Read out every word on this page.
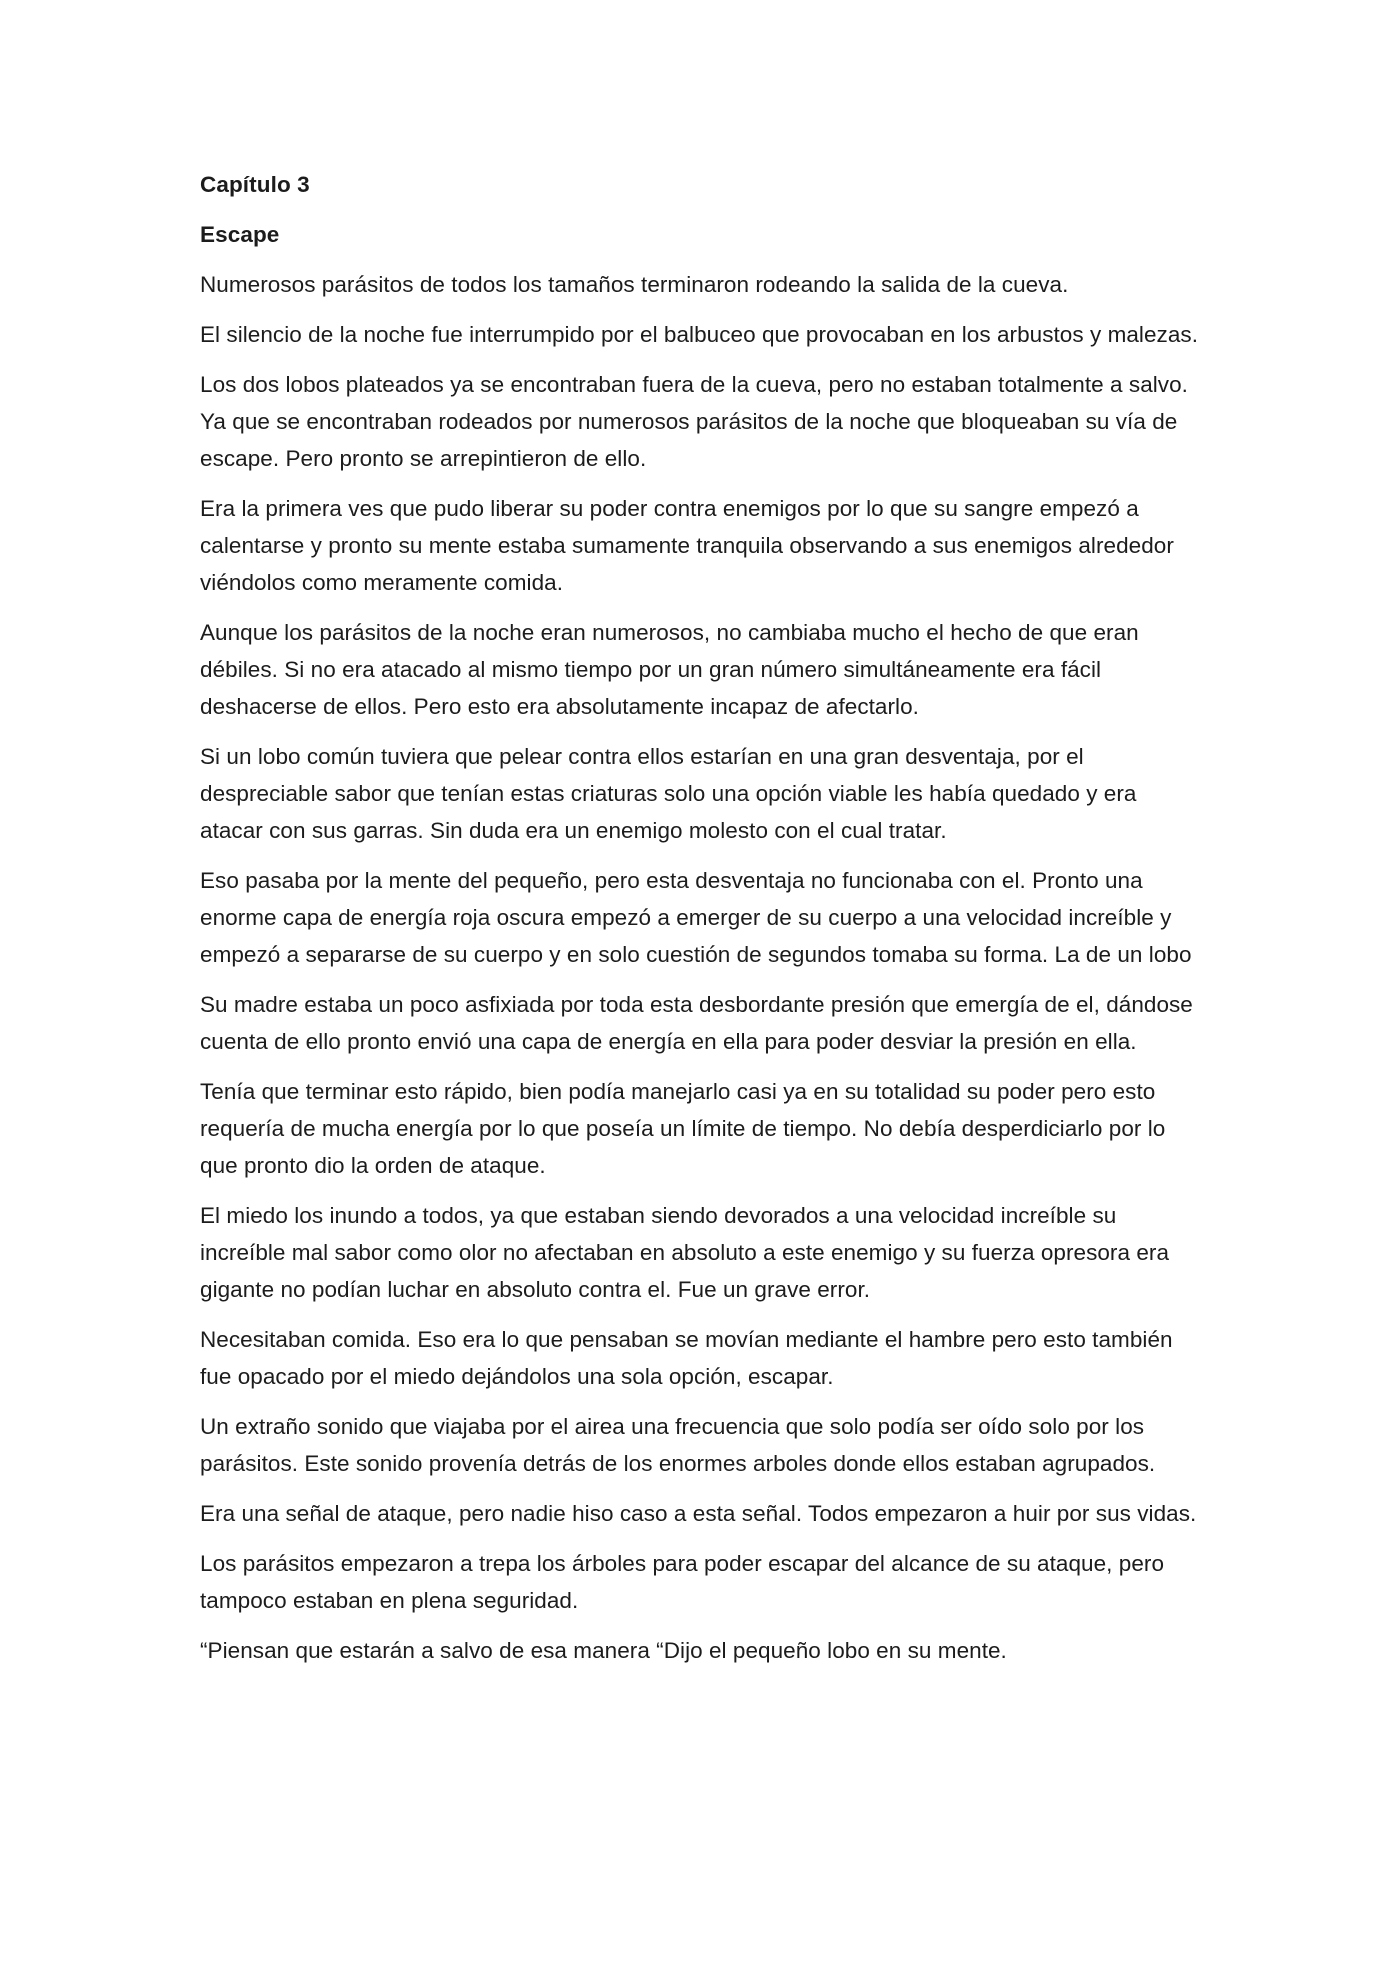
Capítulo 3
Escape

Numerosos parásitos de todos los tamaños terminaron rodeando la salida de la cueva.

El silencio de la noche fue interrumpido por el balbuceo que provocaban en los arbustos y malezas.

Los dos lobos plateados ya se encontraban fuera de la cueva, pero no estaban totalmente a salvo. Ya que se encontraban rodeados por numerosos parásitos de la noche que bloqueaban su vía de escape. Pero pronto se arrepintieron de ello.

Era la primera ves que pudo liberar su poder contra enemigos por lo que su sangre empezó a calentarse y pronto su mente estaba sumamente tranquila observando a sus enemigos alrededor viéndolos como meramente comida.

Aunque los parásitos de la noche eran numerosos, no cambiaba mucho el hecho de que eran débiles. Si no era atacado al mismo tiempo por un gran número simultáneamente era fácil deshacerse de ellos. Pero esto era absolutamente incapaz de afectarlo.

Si un lobo común tuviera que pelear contra ellos estarían en una gran desventaja, por el despreciable sabor que tenían estas criaturas solo una opción viable les había quedado y era atacar con sus garras. Sin duda era un enemigo molesto con el cual tratar.

Eso pasaba por la mente del pequeño, pero esta desventaja no funcionaba con el. Pronto una enorme capa de energía roja oscura empezó a emerger de su cuerpo a una velocidad increíble y empezó a separarse de su cuerpo y en solo cuestión de segundos tomaba su forma. La de un lobo

Su madre estaba un poco asfixiada por toda esta desbordante presión que emergía de el, dándose cuenta de ello pronto envió una capa de energía en ella para poder desviar la presión en ella.

Tenía que terminar esto rápido, bien podía manejarlo casi ya en su totalidad su poder pero esto requería de mucha energía por lo que poseía un límite de tiempo. No debía desperdiciarlo por lo que pronto dio la orden de ataque.

El miedo los inundo a todos, ya que estaban siendo devorados a una velocidad increíble su increíble mal sabor como olor no afectaban en absoluto a este enemigo y su fuerza opresora era gigante no podían luchar en absoluto contra el. Fue un grave error.

Necesitaban comida. Eso era lo que pensaban se movían mediante el hambre pero esto también fue opacado por el miedo dejándolos una sola opción, escapar.

Un extraño sonido que viajaba por el airea una frecuencia que solo podía ser oído solo por los parásitos. Este sonido provenía detrás de los enormes arboles donde ellos estaban agrupados.

Era una señal de ataque, pero nadie hiso caso a esta señal. Todos empezaron a huir por sus vidas.

Los parásitos empezaron a trepa los árboles para poder escapar del alcance de su ataque, pero tampoco estaban en plena seguridad.

“Piensan que estarán a salvo de esa manera “Dijo el pequeño lobo en su mente.
